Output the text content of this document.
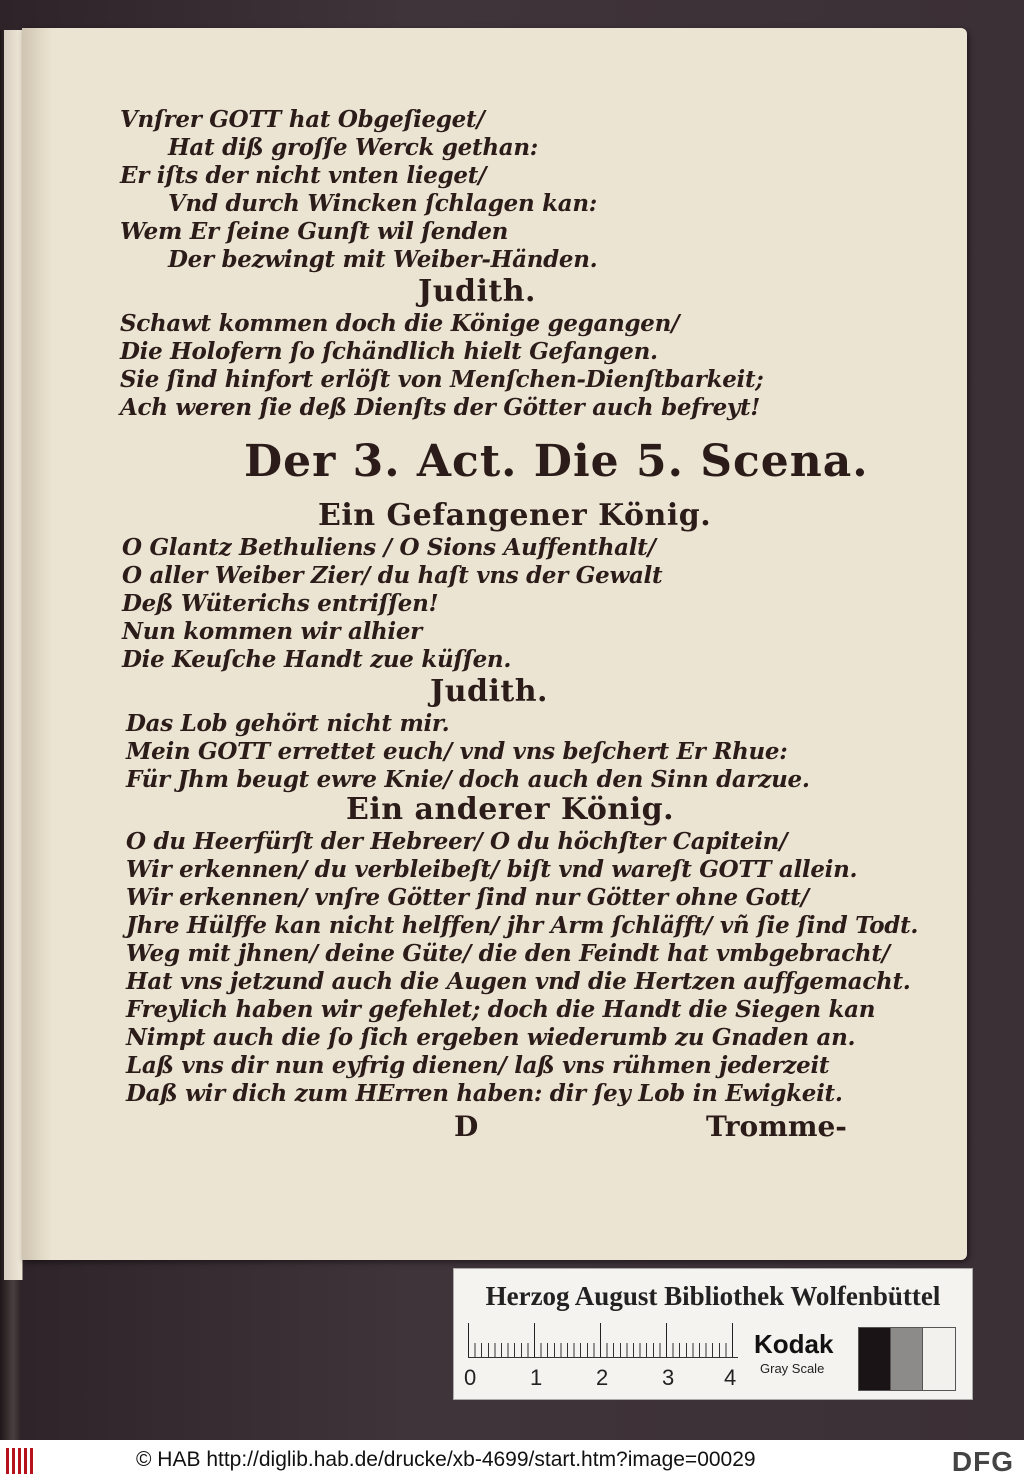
Vnſrer GOTT hat Obgeſieget/
Hat diß groſſe Werck gethan:
Er iſts der nicht vnten lieget/
Vnd durch Wincken ſchlagen kan:
Wem Er ſeine Gunſt wil ſenden
Der bezwingt mit Weiber-Händen.
Judith.
Schawt kommen doch die Könige gegangen/
Die Holofern ſo ſchändlich hielt Gefangen.
Sie ſind hinfort erlöſt von Menſchen-Dienſtbarkeit;
Ach weren ſie deß Dienſts der Götter auch befreyt!
Der 3. Act. Die 5. Scena.
Ein Gefangener König.
O Glantz Bethuliens / O Sions Auffenthalt/
O aller Weiber Zier/ du haſt vns der Gewalt
Deß Wüterichs entriſſen!
Nun kommen wir alhier
Die Keuſche Handt zue küſſen.
Judith.
Das Lob gehört nicht mir.
Mein GOTT errettet euch/ vnd vns beſchert Er Rhue:
Für Jhm beugt ewre Knie/ doch auch den Sinn darzue.
Ein anderer König.
O du Heerfürſt der Hebreer/ O du höchſter Capitein/
Wir erkennen/ du verbleibeſt/ biſt vnd wareſt GOTT allein.
Wir erkennen/ vnſre Götter ſind nur Götter ohne Gott/
Jhre Hülffe kan nicht helffen/ jhr Arm ſchläfft/ vñ ſie ſind Todt.
Weg mit jhnen/ deine Güte/ die den Feindt hat vmbgebracht/
Hat vns jetzund auch die Augen vnd die Hertzen auffgemacht.
Freylich haben wir gefehlet; doch die Handt die Siegen kan
Nimpt auch die ſo ſich ergeben wiederumb zu Gnaden an.
Laß vns dir nun eyfrig dienen/ laß vns rühmen jederzeit
Daß wir dich zum HErren haben: dir ſey Lob in Ewigkeit.
D	Tromme-
Herzog August Bibliothek Wolfenbüttel
0 1 2 3 4
Kodak
Gray Scale
© HAB http://diglib.hab.de/drucke/xb-4699/start.htm?image=00029	DFG
